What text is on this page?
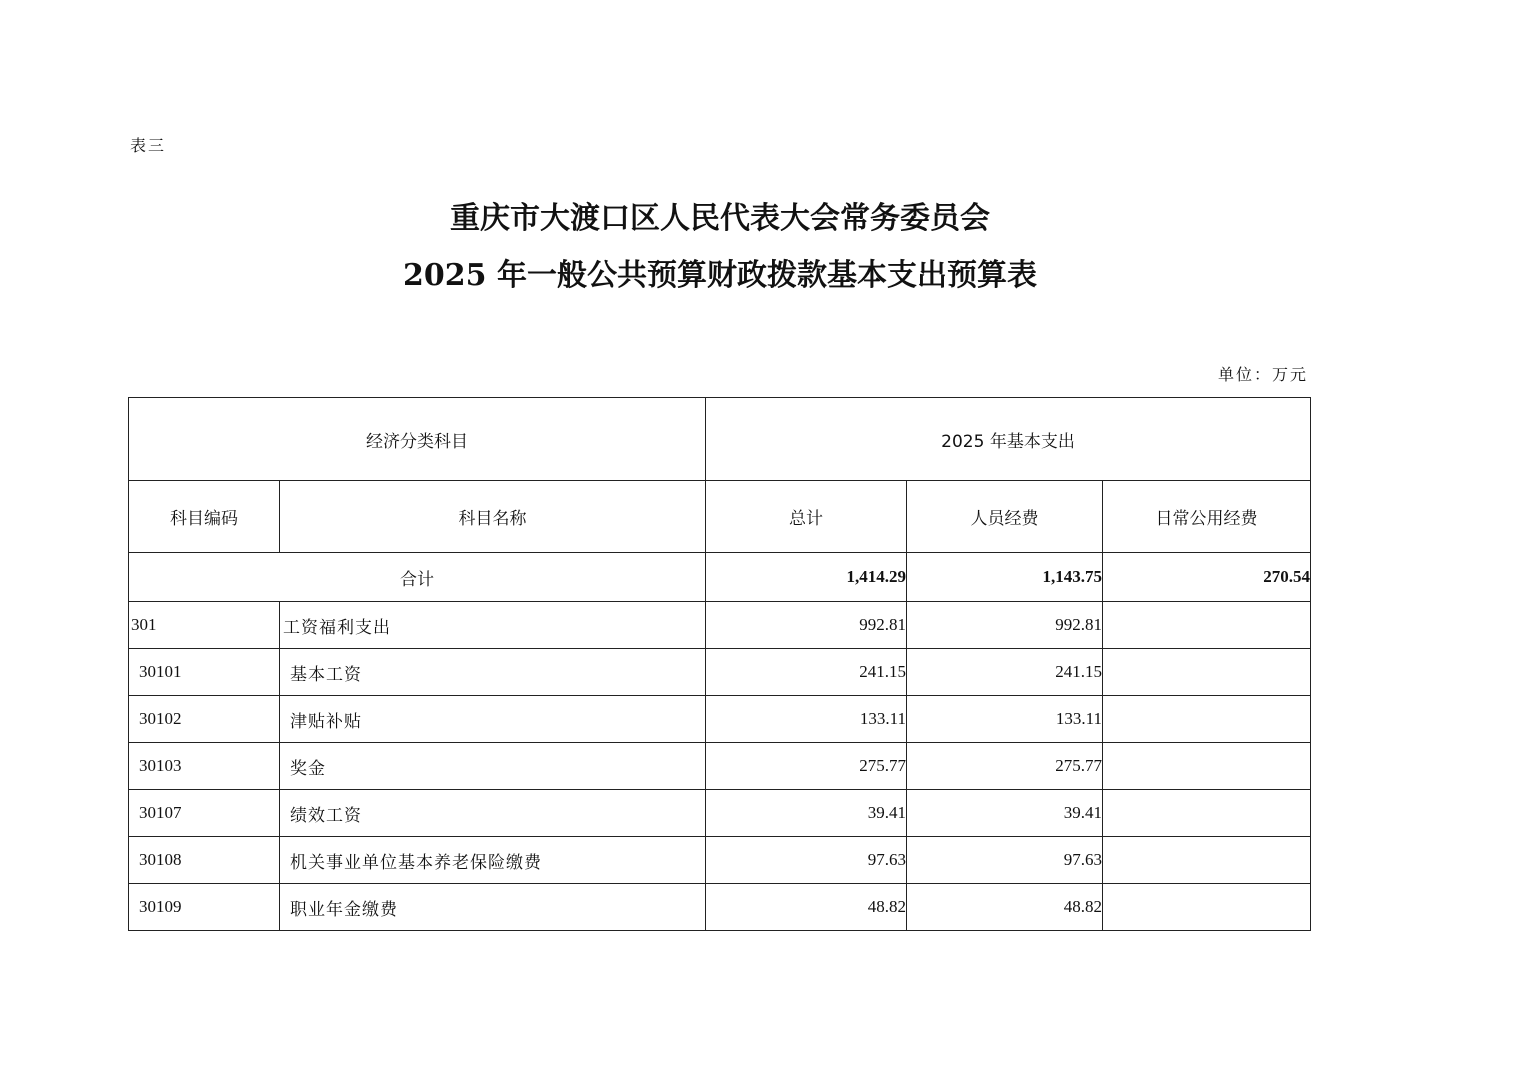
表三
重庆市大渡口区人民代表大会常务委员会
2025 年一般公共预算财政拨款基本支出预算表
单位：万元
经济分类科目		2025 年基本支出		
科目编码	科目名称	总计	人员经费	日常公用经费
合计		1,414.29	1,143.75	270.54
301	工资福利支出	992.81	992.81	
30101	基本工资	241.15	241.15	
30102	津贴补贴	133.11	133.11	
30103	奖金	275.77	275.77	
30107	绩效工资	39.41	39.41	
30108	机关事业单位基本养老保险缴费	97.63	97.63	
30109	职业年金缴费	48.82	48.82	
